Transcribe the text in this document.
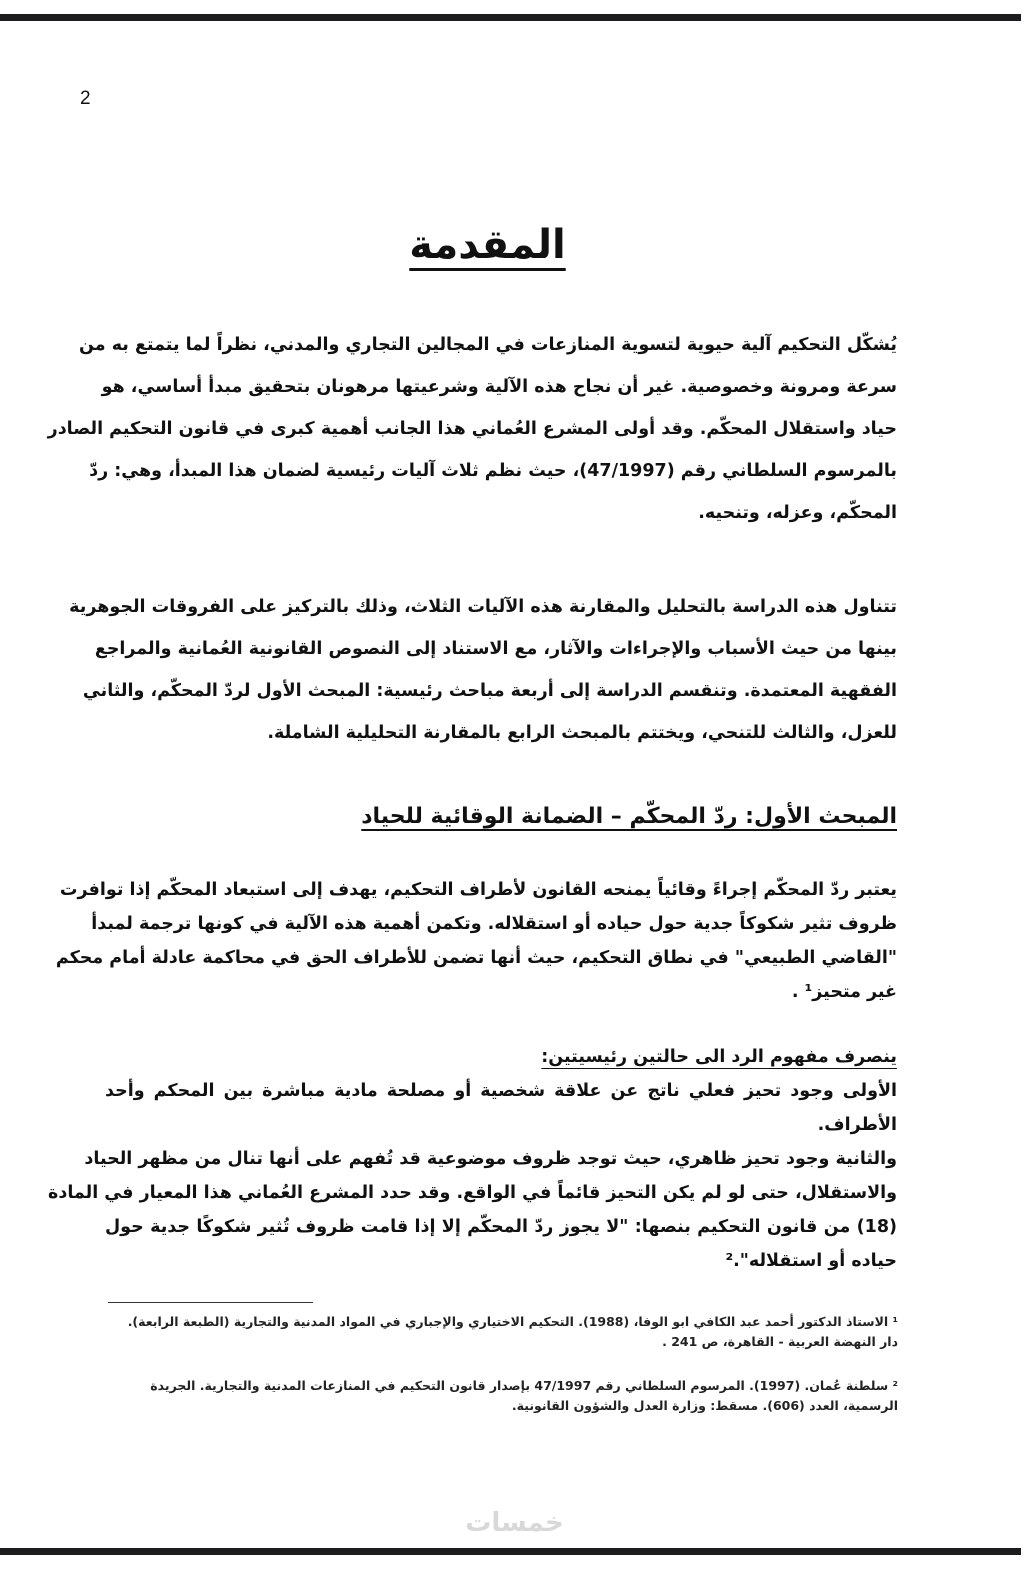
2
المقدمة
يُشكّل التحكيم آلية حيوية لتسوية المنازعات في المجالين التجاري والمدني، نظراً لما يتمتع به من
سرعة ومرونة وخصوصية. غير أن نجاح هذه الآلية وشرعيتها مرهونان بتحقيق مبدأ أساسي، هو
حياد واستقلال المحكّم. وقد أولى المشرع العُماني هذا الجانب أهمية كبرى في قانون التحكيم الصادر
بالمرسوم السلطاني رقم (47/1997)، حيث نظم ثلاث آليات رئيسية لضمان هذا المبدأ، وهي: ردّ
المحكّم، وعزله، وتنحيه.
تتناول هذه الدراسة بالتحليل والمقارنة هذه الآليات الثلاث، وذلك بالتركيز على الفروقات الجوهرية
بينها من حيث الأسباب والإجراءات والآثار، مع الاستناد إلى النصوص القانونية العُمانية والمراجع
الفقهية المعتمدة. وتنقسم الدراسة إلى أربعة مباحث رئيسية: المبحث الأول لردّ المحكّم، والثاني
للعزل، والثالث للتنحي، ويختتم بالمبحث الرابع بالمقارنة التحليلية الشاملة.
المبحث الأول: ردّ المحكّم – الضمانة الوقائية للحياد
يعتبر ردّ المحكّم إجراءً وقائياً يمنحه القانون لأطراف التحكيم، يهدف إلى استبعاد المحكّم إذا توافرت
ظروف تثير شكوكاً جدية حول حياده أو استقلاله. وتكمن أهمية هذه الآلية في كونها ترجمة لمبدأ
"القاضي الطبيعي" في نطاق التحكيم، حيث أنها تضمن للأطراف الحق في محاكمة عادلة أمام محكم
غير متحيز¹ .
ينصرف مفهوم الرد الى حالتين رئيسيتين:
الأولى وجود تحيز فعلي ناتج عن علاقة شخصية أو مصلحة مادية مباشرة بين المحكم وأحد
الأطراف.
والثانية وجود تحيز ظاهري، حيث توجد ظروف موضوعية قد تُفهم على أنها تنال من مظهر الحياد
والاستقلال، حتى لو لم يكن التحيز قائماً في الواقع. وقد حدد المشرع العُماني هذا المعيار في المادة
(18) من قانون التحكيم بنصها: "لا يجوز ردّ المحكّم إلا إذا قامت ظروف تُثير شكوكًا جدية حول
حياده أو استقلاله".²
¹ الاستاذ الدكتور أحمد عبد الكافي ابو الوفا، (1988). التحكيم الاختياري والإجباري في المواد المدنية والتجارية (الطبعة الرابعة). دار النهضة العربية - القاهرة، ص 241 .
² سلطنة عُمان. (1997). المرسوم السلطاني رقم 47/1997 بإصدار قانون التحكيم في المنازعات المدنية والتجارية. الجريدة الرسمية، العدد (606). مسقط: وزارة العدل والشؤون القانونية.
خمسات
